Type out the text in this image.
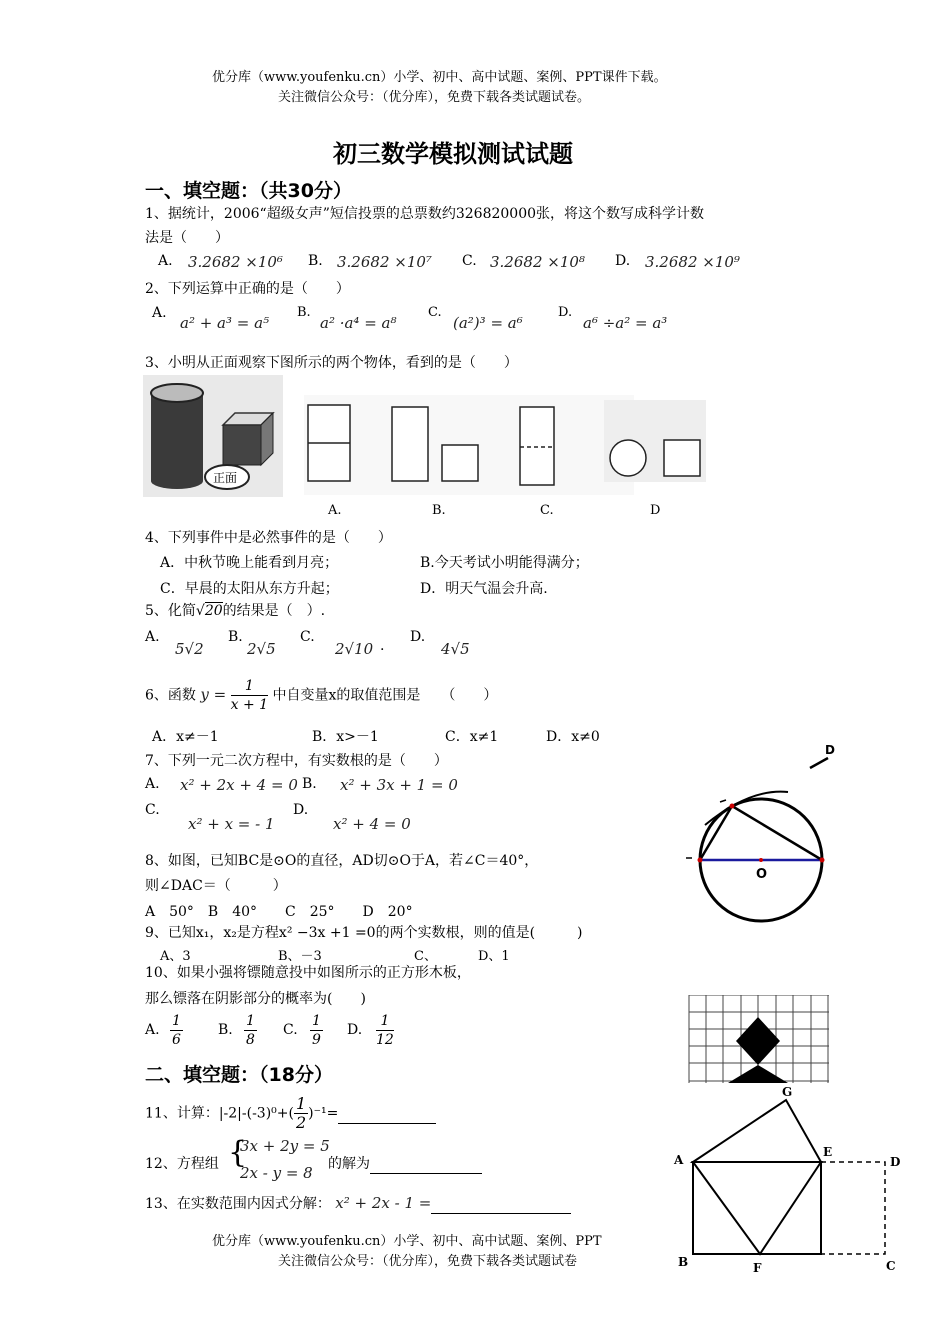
优分库（www.youfenku.cn）小学、初中、高中试题、案例、PPT课件下载。
关注微信公众号：（优分库），免费下载各类试题试卷。
初三数学模拟测试试题
一、填空题：（共30分）
1、据统计，2006“超级女声”短信投票的总票数约326820000张，将这个数写成科学计数
法是（　　）
A. 3.2682 ×10⁶ B. 3.2682 ×10⁷ C. 3.2682 ×10⁸ D. 3.2682 ×10⁹
2、下列运算中正确的是（　　）
A.
a² + a³ = a⁵
B.
a² ·a⁴ = a⁸
C.
(a²)³ = a⁶
D.
a⁶ ÷a² = a³
3、小明从正面观察下图所示的两个物体，看到的是（　　）
正面
A.	B.	C.	D
4、下列事件中是必然事件的是（　　）
A．中秋节晚上能看到月亮；	B.今天考试小明能得满分；
C．早晨的太阳从东方升起；	D．明天气温会升高.
5、化简√20的结果是（　）.
A.
5√2
B.
2√5
C.
2√10 .
D.
4√5
6、函数 $y = \frac{1}{x + 1}$ 中自变量x的取值范围是　　（　　）
A．x≠－1	B．x>－1	C．x≠1	D．x≠0
7、下列一元二次方程中，有实数根的是（　　）
A. x² + 2x + 4 = 0 B. x² + 3x + 1 = 0
C.
x² + x = - 1
D.
x² + 4 = 0
8、如图，已知BC是⊙O的直径，AD切⊙O于A，若∠C＝40°，
则∠DAC＝（　　　）
A　50°　B　40°　　C　25°　　D　20°
O
D
9、已知x₁，x₂是方程x² −3x +1 =0的两个实数根，则的值是(　　　)
A、3	B、－3	C、	D、1
10、如果小强将镖随意投中如图所示的正方形木板，
那么镖落在阴影部分的概率为(　　)
A. $\frac{1}{6}$	B. $\frac{1}{8} C$. $\frac{1}{9} D$. $\frac{1}{12}$
二、填空题：（18分）
11、计算：$|-2|-(-3)^0+( \frac{1}{2} )^{-1}=$　　　　　　　
12、方程组 {
3x + 2y = 5
2x - y = 8 的解为　　　　　　　　
13、在实数范围内因式分解： x² + 2x - 1 =　　　　　　　　　　
G
A
E
D
B	F	C
优分库（www.youfenku.cn）小学、初中、高中试题、案例、PPT
关注微信公众号：（优分库），免费下载各类试题试卷
